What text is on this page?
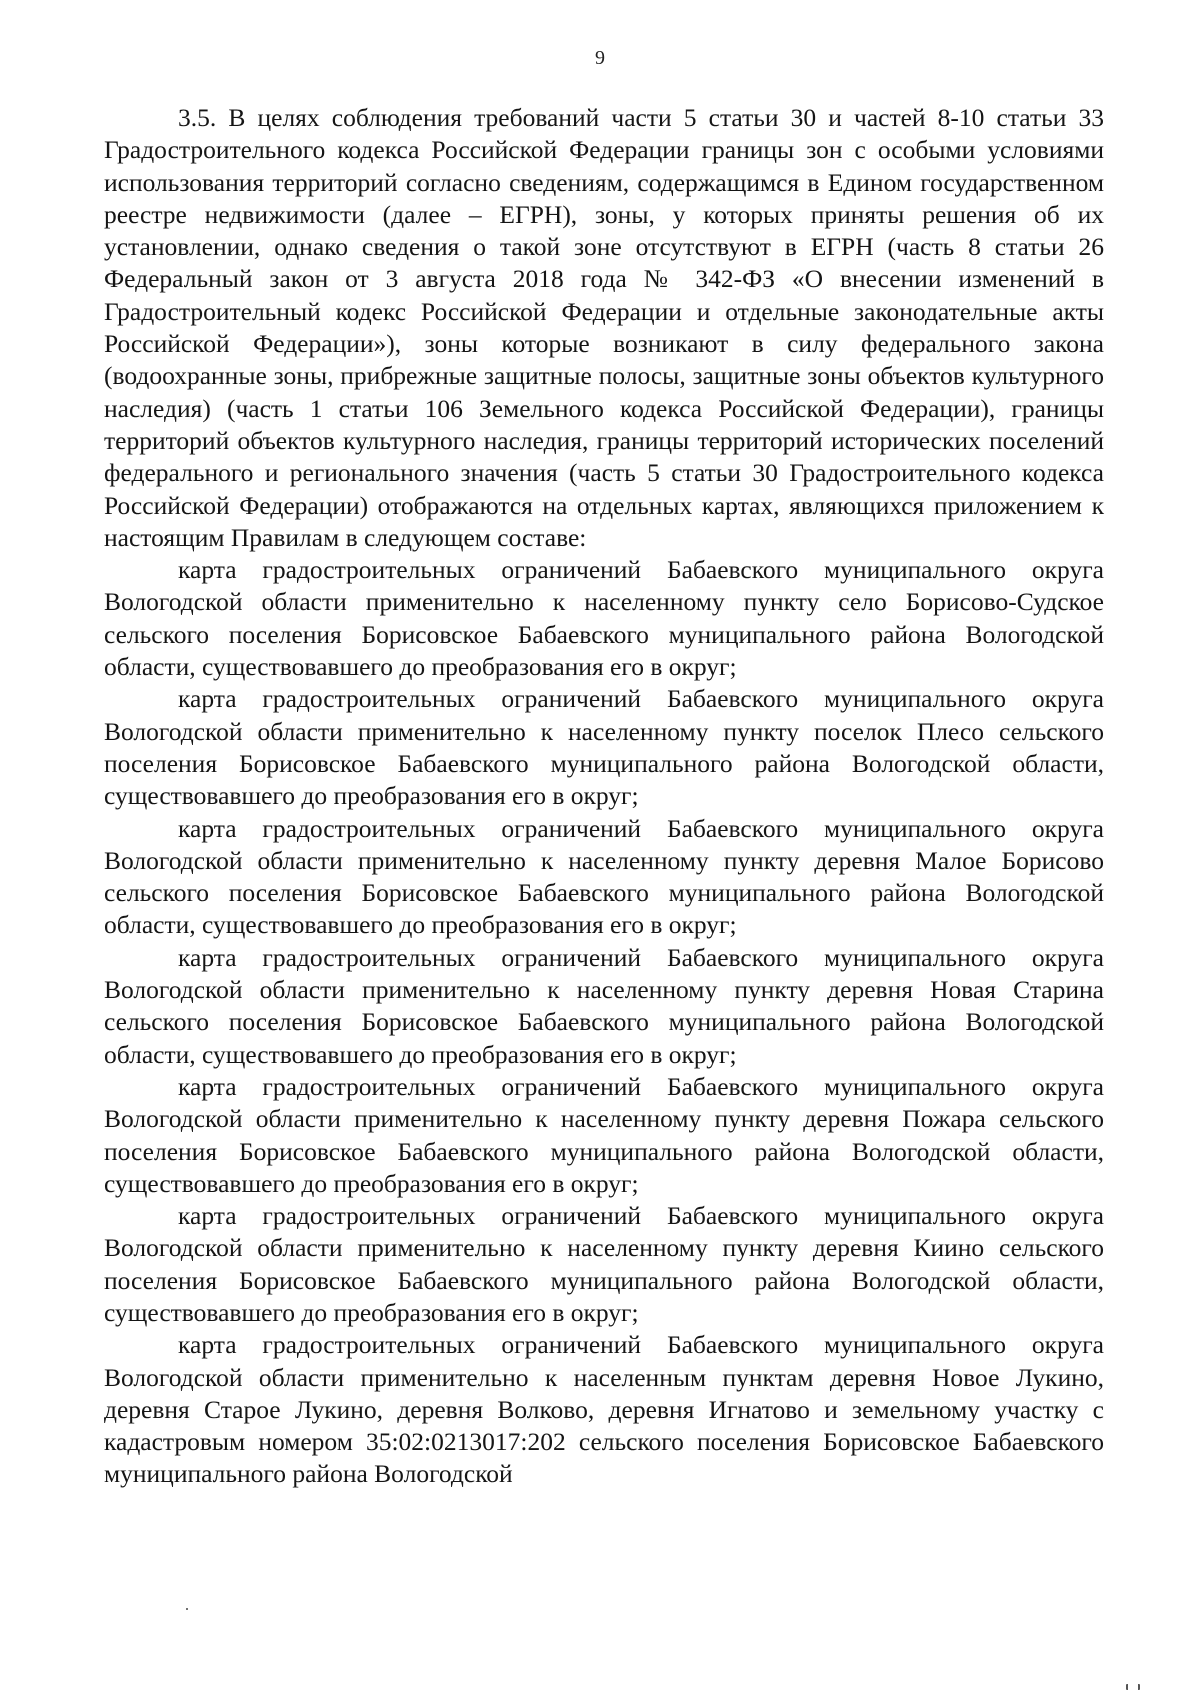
9

3.5. В целях соблюдения требований части 5 статьи 30 и частей 8-10 статьи 33 Градостроительного кодекса Российской Федерации границы зон с особыми условиями использования территорий согласно сведениям, содержащимся в Едином государственном реестре недвижимости (далее – ЕГРН), зоны, у которых приняты решения об их установлении, однако сведения о такой зоне отсутствуют в ЕГРН (часть 8 статьи 26 Федеральный закон от 3 августа 2018 года № 342-ФЗ «О внесении изменений в Градостроительный кодекс Российской Федерации и отдельные законодательные акты Российской Федерации»), зоны которые возникают в силу федерального закона (водоохранные зоны, прибрежные защитные полосы, защитные зоны объектов культурного наследия) (часть 1 статьи 106 Земельного кодекса Российской Федерации), границы территорий объектов культурного наследия, границы территорий исторических поселений федерального и регионального значения (часть 5 статьи 30 Градостроительного кодекса Российской Федерации) отображаются на отдельных картах, являющихся приложением к настоящим Правилам в следующем составе:

карта градостроительных ограничений Бабаевского муниципального округа Вологодской области применительно к населенному пункту село Борисово-Судское сельского поселения Борисовское Бабаевского муниципального района Вологодской области, существовавшего до преобразования его в округ;

карта градостроительных ограничений Бабаевского муниципального округа Вологодской области применительно к населенному пункту поселок Плесо сельского поселения Борисовское Бабаевского муниципального района Вологодской области, существовавшего до преобразования его в округ;

карта градостроительных ограничений Бабаевского муниципального округа Вологодской области применительно к населенному пункту деревня Малое Борисово сельского поселения Борисовское Бабаевского муниципального района Вологодской области, существовавшего до преобразования его в округ;

карта градостроительных ограничений Бабаевского муниципального округа Вологодской области применительно к населенному пункту деревня Новая Старина сельского поселения Борисовское Бабаевского муниципального района Вологодской области, существовавшего до преобразования его в округ;

карта градостроительных ограничений Бабаевского муниципального округа Вологодской области применительно к населенному пункту деревня Пожара сельского поселения Борисовское Бабаевского муниципального района Вологодской области, существовавшего до преобразования его в округ;

карта градостроительных ограничений Бабаевского муниципального округа Вологодской области применительно к населенному пункту деревня Киино сельского поселения Борисовское Бабаевского муниципального района Вологодской области, существовавшего до преобразования его в округ;

карта градостроительных ограничений Бабаевского муниципального округа Вологодской области применительно к населенным пунктам деревня Новое Лукино, деревня Старое Лукино, деревня Волково, деревня Игнатово и земельному участку с кадастровым номером 35:02:0213017:202 сельского поселения Борисовское Бабаевского муниципального района Вологодской
